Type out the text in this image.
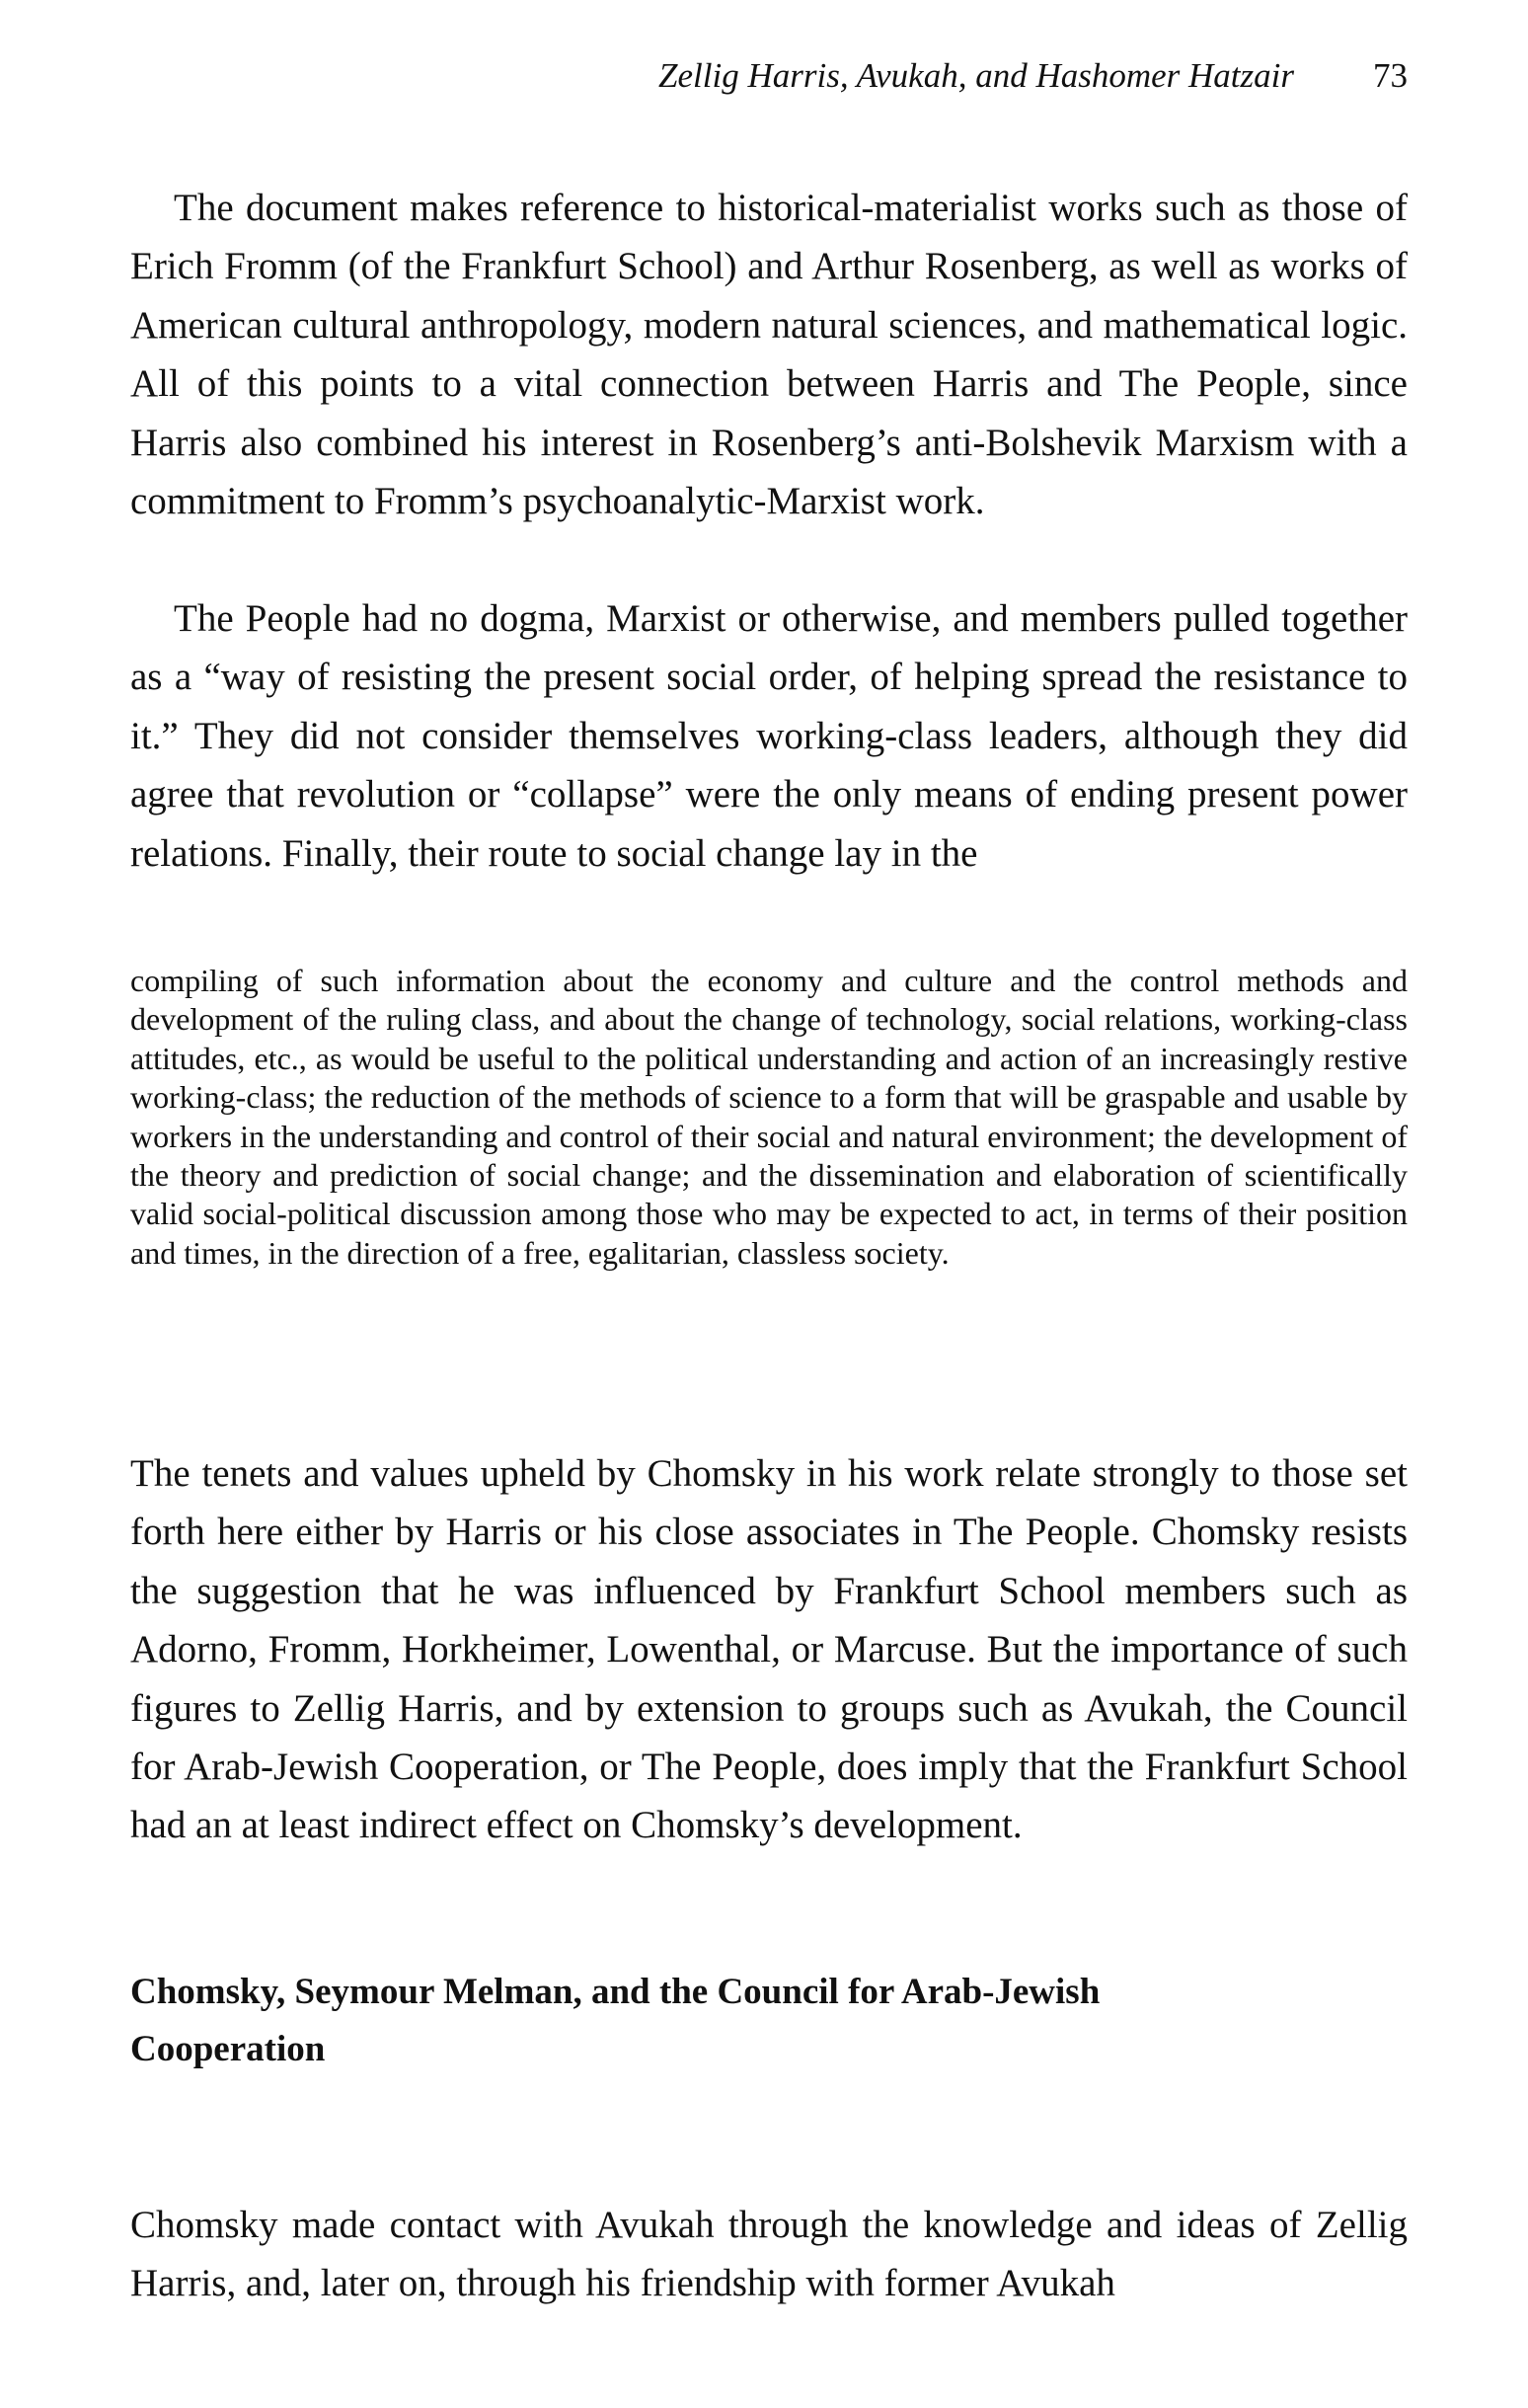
Zellig Harris, Avukah, and Hashomer Hatzair 73

The document makes reference to historical-materialist works such as those of Erich Fromm (of the Frankfurt School) and Arthur Rosenberg, as well as works of American cultural anthropology, modern natural sciences, and mathematical logic. All of this points to a vital connection between Harris and The People, since Harris also combined his interest in Rosenberg’s anti-Bolshevik Marxism with a commitment to Fromm’s psychoanalytic-Marxist work.

The People had no dogma, Marxist or otherwise, and members pulled together as a “way of resisting the present social order, of helping spread the resistance to it.” They did not consider themselves working-class leaders, although they did agree that revolution or “collapse” were the only means of ending present power relations. Finally, their route to social change lay in the

compiling of such information about the economy and culture and the control methods and development of the ruling class, and about the change of technology, social relations, working-class attitudes, etc., as would be useful to the political understanding and action of an increasingly restive working-class; the reduction of the methods of science to a form that will be graspable and usable by workers in the understanding and control of their social and natural environment; the development of the theory and prediction of social change; and the dissemination and elaboration of scientifically valid social-political discussion among those who may be expected to act, in terms of their position and times, in the direction of a free, egalitarian, classless society.

The tenets and values upheld by Chomsky in his work relate strongly to those set forth here either by Harris or his close associates in The People. Chomsky resists the suggestion that he was influenced by Frankfurt School members such as Adorno, Fromm, Horkheimer, Lowenthal, or Marcuse. But the importance of such figures to Zellig Harris, and by extension to groups such as Avukah, the Council for Arab-Jewish Cooperation, or The People, does imply that the Frankfurt School had an at least indirect effect on Chomsky’s development.

Chomsky, Seymour Melman, and the Council for Arab-Jewish Cooperation

Chomsky made contact with Avukah through the knowledge and ideas of Zellig Harris, and, later on, through his friendship with former Avukah
